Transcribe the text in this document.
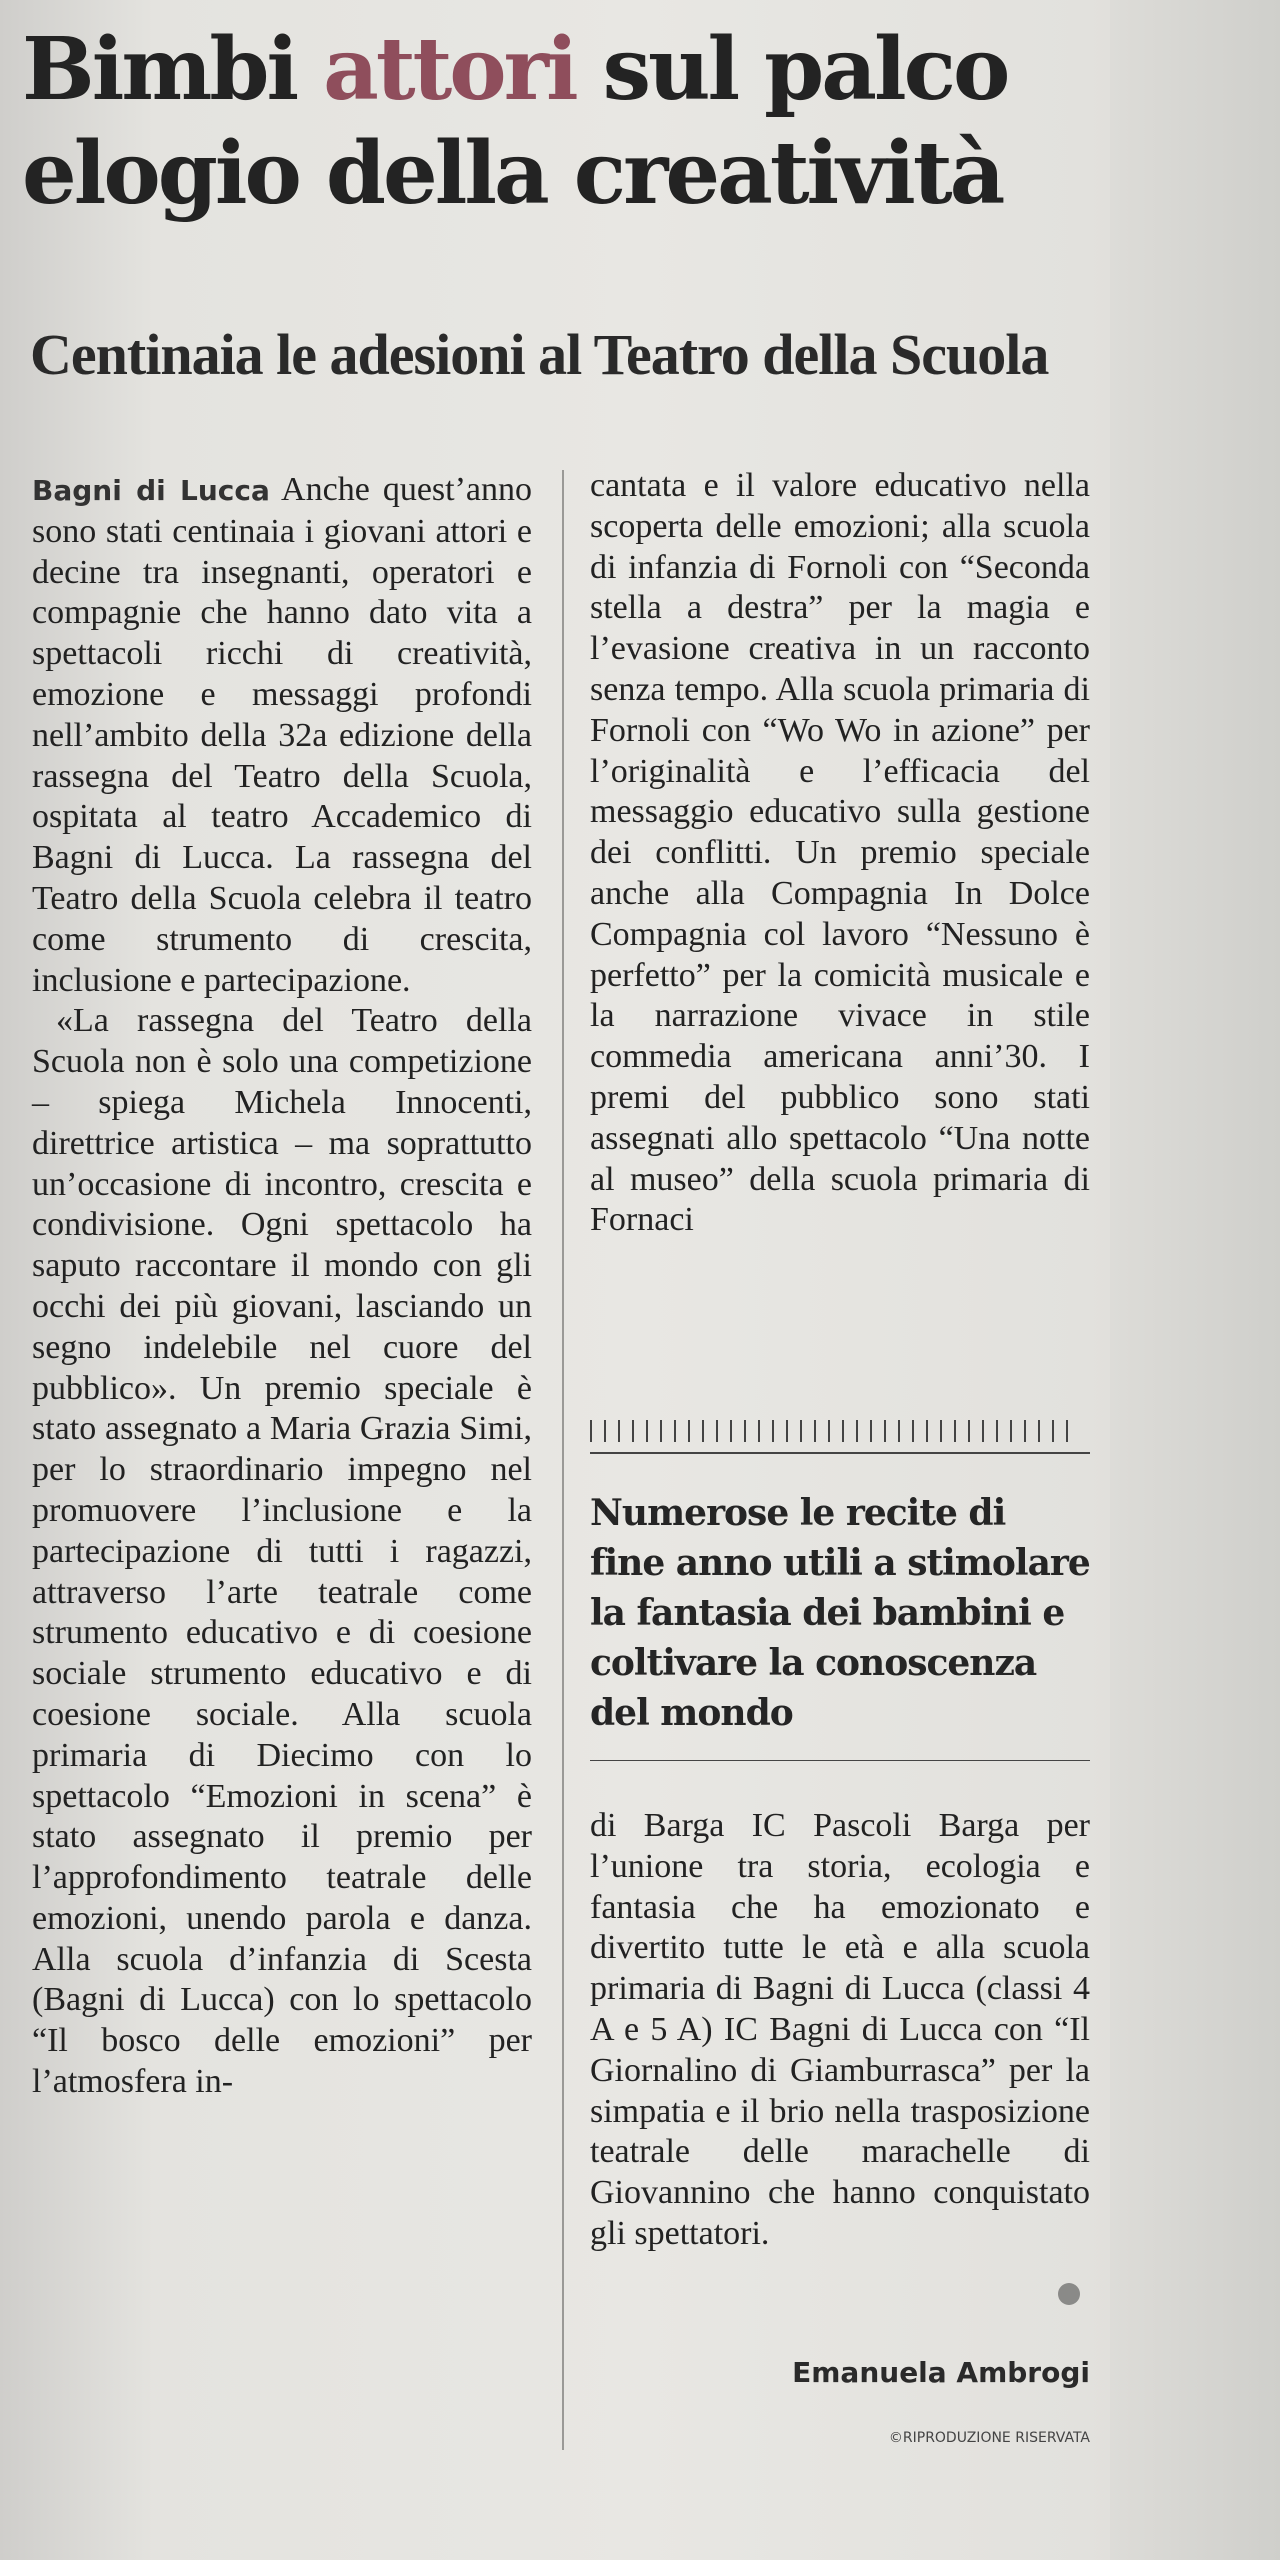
Bimbi attori sul palco elogio della creatività
Centinaia le adesioni al Teatro della Scuola

Bagni di Lucca Anche quest’anno sono stati centinaia i giovani attori e decine tra insegnanti, operatori e compagnie che hanno dato vita a spettacoli ricchi di creatività, emozione e messaggi profondi nell’ambito della 32a edizione della rassegna del Teatro della Scuola, ospitata al teatro Accademico di Bagni di Lucca. La rassegna del Teatro della Scuola celebra il teatro come strumento di crescita, inclusione e partecipazione.

«La rassegna del Teatro della Scuola non è solo una competizione – spiega Michela Innocenti, direttrice artistica – ma soprattutto un’occasione di incontro, crescita e condivisione. Ogni spettacolo ha saputo raccontare il mondo con gli occhi dei più giovani, lasciando un segno indelebile nel cuore del pubblico». Un premio speciale è stato assegnato a Maria Grazia Simi, per lo straordinario impegno nel promuovere l’inclusione e la partecipazione di tutti i ragazzi, attraverso l’arte teatrale come strumento educativo e di coesione sociale strumento educativo e di coesione sociale. Alla scuola primaria di Diecimo con lo spettacolo “Emozioni in scena” è stato assegnato il premio per l’approfondimento teatrale delle emozioni, unendo parola e danza. Alla scuola d’infanzia di Scesta (Bagni di Lucca) con lo spettacolo “Il bosco delle emozioni” per l’atmosfera in-

cantata e il valore educativo nella scoperta delle emozioni; alla scuola di infanzia di Fornoli con “Seconda stella a destra” per la magia e l’evasione creativa in un racconto senza tempo. Alla scuola primaria di Fornoli con “Wo Wo in azione” per l’originalità e l’efficacia del messaggio educativo sulla gestione dei conflitti. Un premio speciale anche alla Compagnia In Dolce Compagnia col lavoro “Nessuno è perfetto” per la comicità musicale e la narrazione vivace in stile commedia americana anni’30. I premi del pubblico sono stati assegnati allo spettacolo “Una notte al museo” della scuola primaria di Fornaci

Numerose le recite di fine anno utili a stimolare la fantasia dei bambini e coltivare la conoscenza del mondo

di Barga IC Pascoli Barga per l’unione tra storia, ecologia e fantasia che ha emozionato e divertito tutte le età e alla scuola primaria di Bagni di Lucca (classi 4 A e 5 A) IC Bagni di Lucca con “Il Giornalino di Giamburrasca” per la simpatia e il brio nella trasposizione teatrale delle marachelle di Giovannino che hanno conquistato gli spettatori.

Emanuela Ambrogi
©RIPRODUZIONE RISERVATA
